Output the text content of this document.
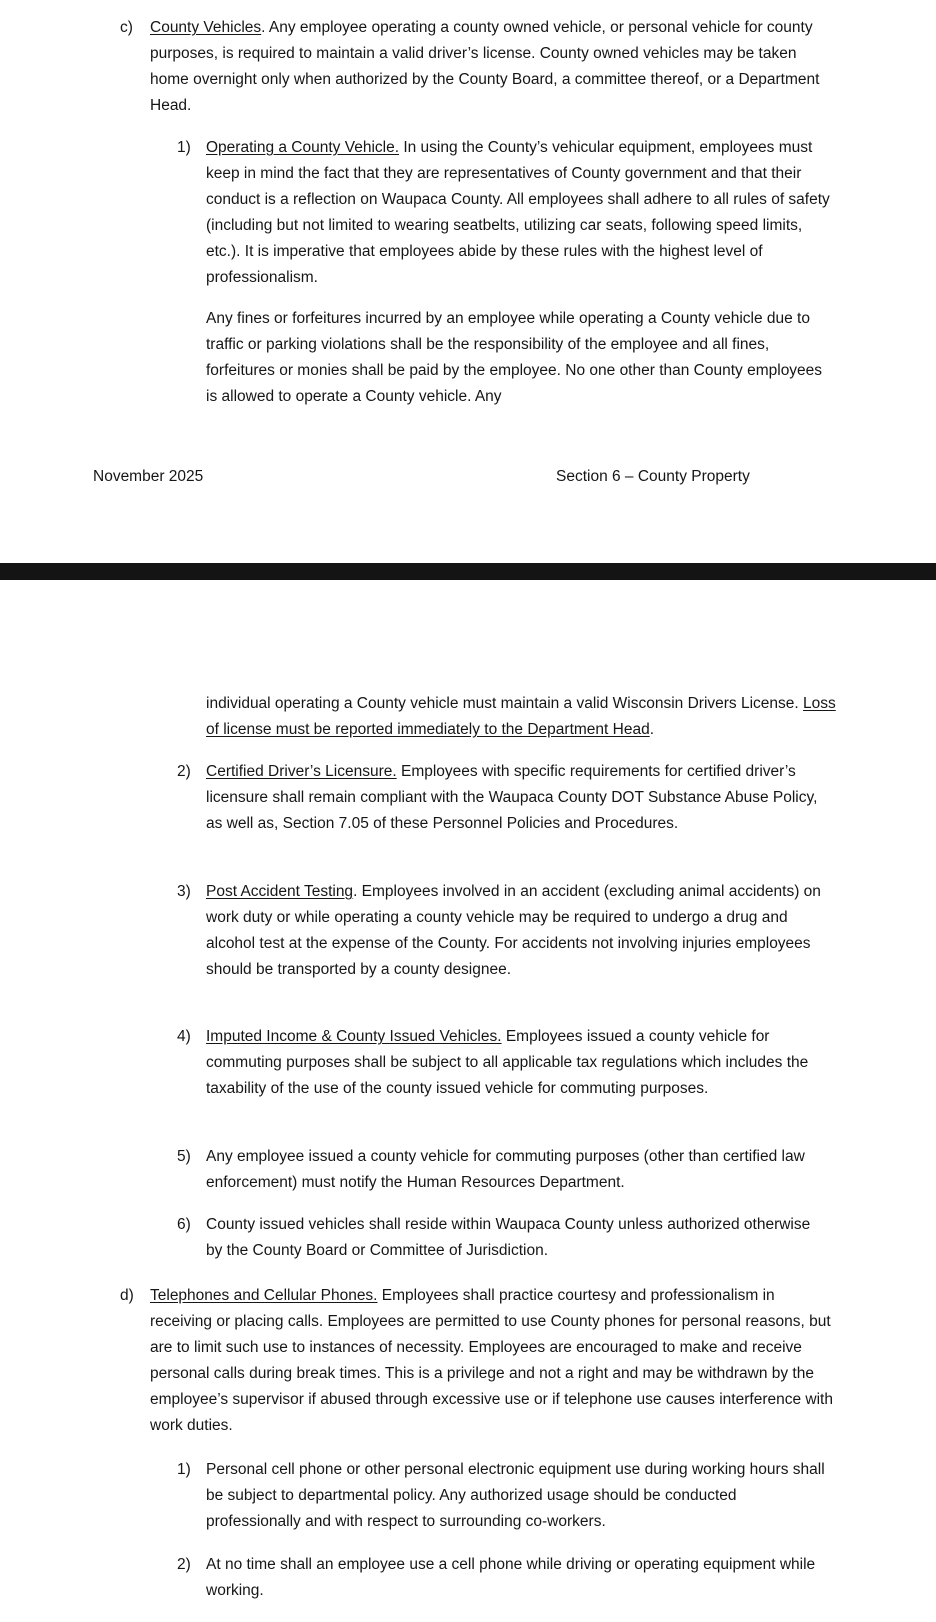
c) County Vehicles. Any employee operating a county owned vehicle, or personal vehicle for county purposes, is required to maintain a valid driver’s license. County owned vehicles may be taken home overnight only when authorized by the County Board, a committee thereof, or a Department Head.

1) Operating a County Vehicle. In using the County’s vehicular equipment, employees must keep in mind the fact that they are representatives of County government and that their conduct is a reflection on Waupaca County. All employees shall adhere to all rules of safety (including but not limited to wearing seatbelts, utilizing car seats, following speed limits, etc.). It is imperative that employees abide by these rules with the highest level of professionalism.

Any fines or forfeitures incurred by an employee while operating a County vehicle due to traffic or parking violations shall be the responsibility of the employee and all fines, forfeitures or monies shall be paid by the employee. No one other than County employees is allowed to operate a County vehicle. Any

November 2025	Section 6 – County Property

individual operating a County vehicle must maintain a valid Wisconsin Drivers License. Loss of license must be reported immediately to the Department Head.

2) Certified Driver’s Licensure. Employees with specific requirements for certified driver’s licensure shall remain compliant with the Waupaca County DOT Substance Abuse Policy, as well as, Section 7.05 of these Personnel Policies and Procedures.

3) Post Accident Testing. Employees involved in an accident (excluding animal accidents) on work duty or while operating a county vehicle may be required to undergo a drug and alcohol test at the expense of the County. For accidents not involving injuries employees should be transported by a county designee.

4) Imputed Income & County Issued Vehicles. Employees issued a county vehicle for commuting purposes shall be subject to all applicable tax regulations which includes the taxability of the use of the county issued vehicle for commuting purposes.

5) Any employee issued a county vehicle for commuting purposes (other than certified law enforcement) must notify the Human Resources Department.

6) County issued vehicles shall reside within Waupaca County unless authorized otherwise by the County Board or Committee of Jurisdiction.

d) Telephones and Cellular Phones. Employees shall practice courtesy and professionalism in receiving or placing calls. Employees are permitted to use County phones for personal reasons, but are to limit such use to instances of necessity. Employees are encouraged to make and receive personal calls during break times. This is a privilege and not a right and may be withdrawn by the employee’s supervisor if abused through excessive use or if telephone use causes interference with work duties.

1) Personal cell phone or other personal electronic equipment use during working hours shall be subject to departmental policy. Any authorized usage should be conducted professionally and with respect to surrounding co-workers.

2) At no time shall an employee use a cell phone while driving or operating equipment while working.
